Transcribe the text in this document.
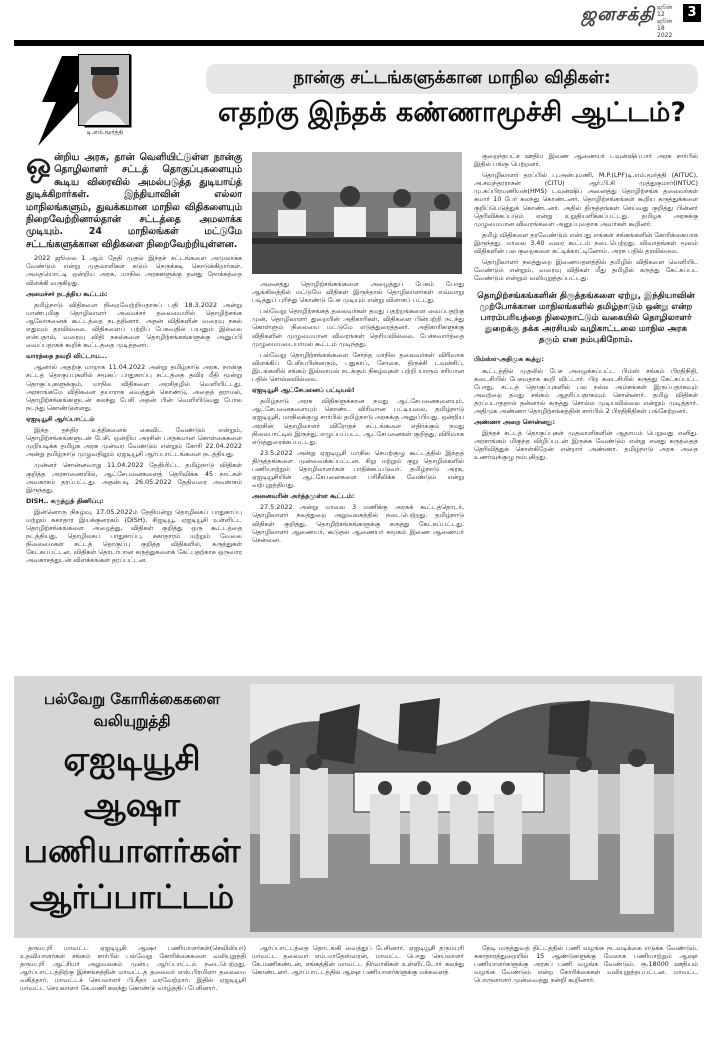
ஜனசக்தி ஜூன் 12
ஜூன் 18
2022
3
டி.எம்.மூர்த்தி
நான்கு சட்டங்களுக்கான மாநில விதிகள்:
எதற்கு இந்தக் கண்ணாமூச்சி ஆட்டம்?

ஒன்றிய அரசு, தான் வெளியிட்டுள்ள நான்கு தொழிலாளர் சட்டத் தொகுப்புகளையும் கூடிய விரைவில் அமல்படுத்த துடியாய்த் துடிக்கிறார்கள். இந்தியாவின் எல்லா மாநிலங்களும், துவக்கமான மாநில விதிகளையும் நிறைவேற்றினால்தான் சட்டத்தை அமலாக்க முடியும். 24 மாநிலங்கள் மட்டுமே சட்டங்களுக்கான விதிகளை நிறைவேற்றியுள்ளன.

2022 ஜூலை 1 ஆம் தேதி முதல் இந்தச் சட்டங்களை அமுலாக்க வேண்டும் என்று முதலாளிகள் கடும் நெருக்கடி கொடுக்கிறார்கள். அதையொட்டி ஒன்றிய அரசு, மாநில அரசுகளுக்கு தனது நோக்கத்தை விளக்கி வருகிறது.

அமைச்சர் நடத்திய கூட்டம்:

தமிழ்நாடு விதிகளை நிறைவேற்றியதாகப் பதி 18.3.2022 அன்று மாண்புமிகு தொழிலாளர் அமைச்சர் தலைமையில் தொழிற்சங்க ஆலோசனைக் கூட்டத்தை நடத்தினார். அதன் விதிகளின் வரைவு நகல் எதுவும் தரவில்லை. விதிகளைப் பற்றிப் பேசுவதில் பயனும் இல்லை என்பதால், வரைவு விதி நகல்களை தொழிற்சங்கங்களுக்கு அனுப்பி வைப்பதாகக் கூறிக் கூட்டத்தை முடித்தனர்.

வாரத்தை தவறி விட்டாய...

ஆனால் அதற்கு மாறாக 11.04.2022 அன்று தமிழ்நாடு அரசு, நான்கு சட்டத் தொகுப்புகளில் சமூகப் பாதுகாப்பு சட்டத்தை தவிர மீதி மூன்று தொகுப்புகளுக்கும், மாநில விதிகளை அரசிதழில் வெளியிட்டது. அரசாங்கமே விதிகளை தயாராக வைத்துக் கொண்டு, அதைத் தராமல், தொழிற்சங்கங்களுடன் கலந்து பேசி அதன் பின் வெளியிடுவது போல நடந்து கொண்டுள்ளது.

ஏஐடியூசி ஆர்ப்பாட்டம்

இந்த தந்திர உத்திகளைக் கைவிட வேண்டும் என்றும், தொழிற்சங்கங்களுடன் பேசி, ஒன்றிய அரசின் பாதகமான கொள்கைகளை முறியடிக்க தமிழக அரசு முன்வர வேண்டும் என்றும் கோரி 22.04.2022 அன்று தமிழ்நாடு முழுவதிலும் ஏஐடியூசி ஆர்ப்பாட்டங்களை நடத்தியது.

முன்னர் சொன்னவாறு 11.04.2022 தேதியிட்ட தமிழ்நாடு விதிகள் குறித்த அரசாணையில், ஆட்சேபனைகளைத் தெரிவிக்க 45 நாட்கள் அவகாசம் தரப்பட்டது. அதன்படி 26.05.2022 தேதிவரை அவகாசம் இருந்தது.

DISH.. கருத்துத் திணிப்பு:

இன்னொரு நிகழ்வு, 17.05.2022ம் தேதியன்று தொழிலகப் பாதுகாப்பு மற்றும் சுகாதார இயக்குனரகம் (DISH), சிஐடியூ, ஏஐடியூசி உள்ளிட்ட தொழிற்சங்கங்களை அழைத்து, விதிகள் குறித்து ஒரு கூட்டத்தை நடத்தியது. தொழிலகப் பாதுகாப்பு, சுகாதாரம் மற்றும் வேலை நிலைமைகள் சட்டத் தொகுப்பு குறித்த விதிகளில், கருத்துகள் கேட்கப்பட்டன. விதிகள் தொடர்பான கருத்துகளைக் கேட்பதற்காக ஒருவார அவகாசத்துடன் விளக்கங்கள் தரப்பட்டன.

அனைத்து தொழிற்சங்கங்களை அழைத்துப் பேசும் போது ஆங்கிலத்தில் மட்டுமே விதிகள் இருந்தால் தொழிலாளர்கள் எவ்வாறு படித்துப் புரிந்து கொண்டு பேச முடியும் என்று விளாசப் பட்டது.

பல்வேறு தொழிற்சங்கத் தலைவர்கள் தமது பதற்றங்களை வைப்பதற்கு முன், தொழிலாளர் துறையின் அதிகாரிகள், விதிகளை பின்பற்றி நடந்து கொள்ளும் நிலையை மட்டுமே எடுத்துரைத்தனர். அதிகாரிகளுக்கு விதிகளின் முழுமையான விவரங்கள் தெரியவில்லை. பேச்சுவார்த்தை முழுமையடையாமல் கூட்டம் முடிந்தது.

பல்வேறு தொழிற்சங்கங்களை சேர்ந்த மாநில தலைவர்கள் விரிவாக விளக்கிப் பேசியபின்னரும், பதுகாப், சோசை, திருச்சி டவுன்சிப், இடங்களில் சங்கம் இல்லாமல் நடக்கும் நிகழ்வுகள் பற்றி யாரும் சரியான பதில் சொல்லவில்லை.

ஏஐடியூசி ஆட்சேபனைப் பட்டியல்!

தமிழ்நாடு அரசு விதிகளுக்கான நமது ஆட்சேபனைகளையும், ஆட்சேபனைகளையும் கொண்ட விரிவான பட்டியலை, தமிழ்நாடு ஏஐடியூசி, மாநிலக்குழு சார்பில் தமிழ்நாடு அரசுக்கு அனுப்பியது. ஒன்றிய அரசின் தொழிலாளர் விரோதச் சட்டங்களை எதிர்க்கும் நமது நிலைபாட்டில் இருந்து, எழுப்பப்பட்ட ஆட்சேபனைகள் குறித்து, விரிவாக எடுத்துரைக்கப்பட்டது.

23.5.2022 அன்று ஏஐடியூசி மாநில செயற்குழு கூட்டத்தில் இந்தத் திருத்தங்களை முன்வைக்கப்பட்டன. சிறு மற்றும் குறு தொழில்களில் பணியாற்றும் தொழிலாளர்கள் பாதிக்கப்படுவர். தமிழ்நாடு அரசு, ஏஐடியூசியின் ஆட்சேபனைகளை பரிசீலிக்க வேண்டும் என்று வற்புறுத்தியது.

அனைவரின் அர்த்தமுள்ள கூட்டம்:

27.5.2022 அன்று மாலை 3 மணிக்கு அரசுக் கூட்டத்தொடர், தொழிலாளர் நலத்துறை அலுவலகத்தில் நடைபெற்றது. தமிழ்நாடு விதிகள் குறித்து, தொழிற்சங்கங்களுக்கு கருத்து கேட்கப்பட்டது. தொழிலாளர் ஆணையர், கூடுதல் ஆணையர் சமூகம் இணை ஆணையர் சென்னை.

குறைந்தபட்ச ஊதிய இணை ஆணையர் டவுன்ஷிப்பார் அரசு சார்பில் இதில் பங்கு பெற்றனர்.

தொழிலாளர் தரப்பில் பு.அன்புமணி, M.P.(LPF)டி.எம்.மூர்த்தி (AITUC), அ.சவுந்தரராசன் (CITU) ஆர்.பி.சி முத்துகுமார்(INTUC) மு.சுப்பிரமணியன்(HMS) டவுன்ஷிப் அனைத்து தொழிற்சங்க தலைவர்கள் சுமார் 10 பேர் கலந்து கொண்டனர். தொழிற்சங்கங்கள் கூறிய கருத்துக்களை குறிப்பெடுத்துக் கொண்டனர். அதில் திருத்தங்கள் செய்வது குறித்து பின்னர் தெரிவிக்கப்படும் என்று உறுதியளிக்கப்பட்டது. தமிழக அரசுக்கு முழுமையான விவரங்களை அனுப்புவதாக அவர்கள் கூறினர்.

தமிழ் விதிகளை தரவேண்டும் என்பது எங்கள் சங்கங்களின் கோரிக்கையாக இருந்தது. மாலை 3.40 வரை கூட்டம் நடைபெற்றது. விவாதங்கள் மூலம் விதிகளின் பல குறைகளை சுட்டிக்காட்டினோம். அரசு பதில் தரவில்லை.

தொழிலாளர் நலத்துறை இணையதளத்தில் தமிழில் விதிகளை வெளியிட வேண்டும் என்றும், வரைவு விதிகள் மீது தமிழில் கருத்து கேட்கப்பட வேண்டும் என்றும் வலியுறுத்தப்பட்டது.

தொழிற்சங்கங்களின் திருத்தங்களை ஏற்று, இந்தியாவின் முற்போக்கான மாநிலங்களில் தமிழ்நாடும் ஒன்று என்ற பாரம்பரியத்தை நிலைநாட்டும் வகையில் தொழிலாளர் துறைக்கு தக்க அரசியல் வழிகாட்டலை மாநில அரசு தரும் என நம்புகிறோம்.

பிம்ஸ்எ-அதிமுக கூத்து:

கூட்டத்தில் முதலில் பேச அழைக்கப்பட்ட பிம்ஸ் சங்கம் பிரதிநிதி, கடைசியில் பேசவதாக கூறி விட்டார். பிற கடைசியில் கருத்து கேட்கப்பட்ட போது, சட்டத் தொகுப்புகளில் பல நல்ல அம்சங்கள் இருப்பதாகவும் அவற்றை தமது சங்கம் ஆதரிப்பதாகவும் சொன்னார். தமிழ் விதிகள் தரப்படாததால் தன்னால் கருத்து சொல்ல முடியவில்லை என்றும் முடித்தார். அதிமுக அண்ணா தொழிற்சங்கத்தின் சார்பில் 2 பிரதிநிதிகள் பங்கேற்றனர்.

அண்ணா அறை சொன்னது:

இந்தச் சட்டத் தொகுப்புகள் முதலாளிகளின் ஆதாயம் பெறுவது எனிது. அரசாங்கம் மிகுந்த விழிப்புடன் இருக்க வேண்டும் என்று எனது கருத்தைத் தெரிவித்துக் கொள்கிறேன் என்றார் அண்ணா. தமிழ்நாடு அரசு அதை உணர்வுக்குழு நம்புகிறது.

பல்வேறு கோரிக்கைகளை வலியுறுத்தி
ஏஐடியூசி ஆஷா பணியாளர்கள் ஆர்ப்பாட்டம்

தருமபுரி மாவட்ட ஏஐடியூசி ஆஷா பணியாளர்கள்(செவிலியர்) உதவியாளர்கள் சங்கம் சார்பில் பல்வேறு கோரிக்கைகளை வலியுறுத்தி தருமபுரி ஆட்சியர் அலுவலகம் முன்பு ஆர்ப்பாட்டம் நடைபெற்றது. ஆர்ப்பாட்டத்திற்கு இச்சங்கத்தின் மாவட்டத் தலைவர் எஸ்.பிரமிளா தலைமை வகித்தார். மாவட்டச் செயலாளர் பி.கீதா வரவேற்றார். இதில் ஏஐடியூசி மாவட்ட செயலாளர் கே.மணி கலந்து கொண்டு வாழ்த்திப் பேசினார்.

ஆர்ப்பாட்டத்தை தொடங்கி வைத்துப் பேசினார். ஏஐடியூசி தருமபுரி மாவட்ட தலைவர் எம்.மாதேஸ்வரன், மாவட்ட பொது செயலாளர் கே.மணிகண்டன், சங்கத்தின் மாவட்ட நிர்வாகிகள் உள்ளிட்டோர் கலந்து கொண்டனர். ஆர்ப்பாட்டத்தில் ஆஷா பணியாளர்களுக்கு மக்களைத்

தேடி மருத்துவத் திட்டத்தில் பணி வழங்க நடவடிக்கை எடுக்க வேண்டும். சுகாதாரத்துறையில் 15 ஆண்டுகளுக்கு மேலாக பணியாற்றும் ஆஷா பணியாளர்களுக்கு அரசுப் பணி வழங்க வேண்டும். ரூ.18000 ஊதியம் வழங்க வேண்டும் என்ற கோரிக்கைகள் வலியுறுத்தப்பட்டன. மாவட்ட பொருளாளர் முன்வைத்து நன்றி கூறினார்.
